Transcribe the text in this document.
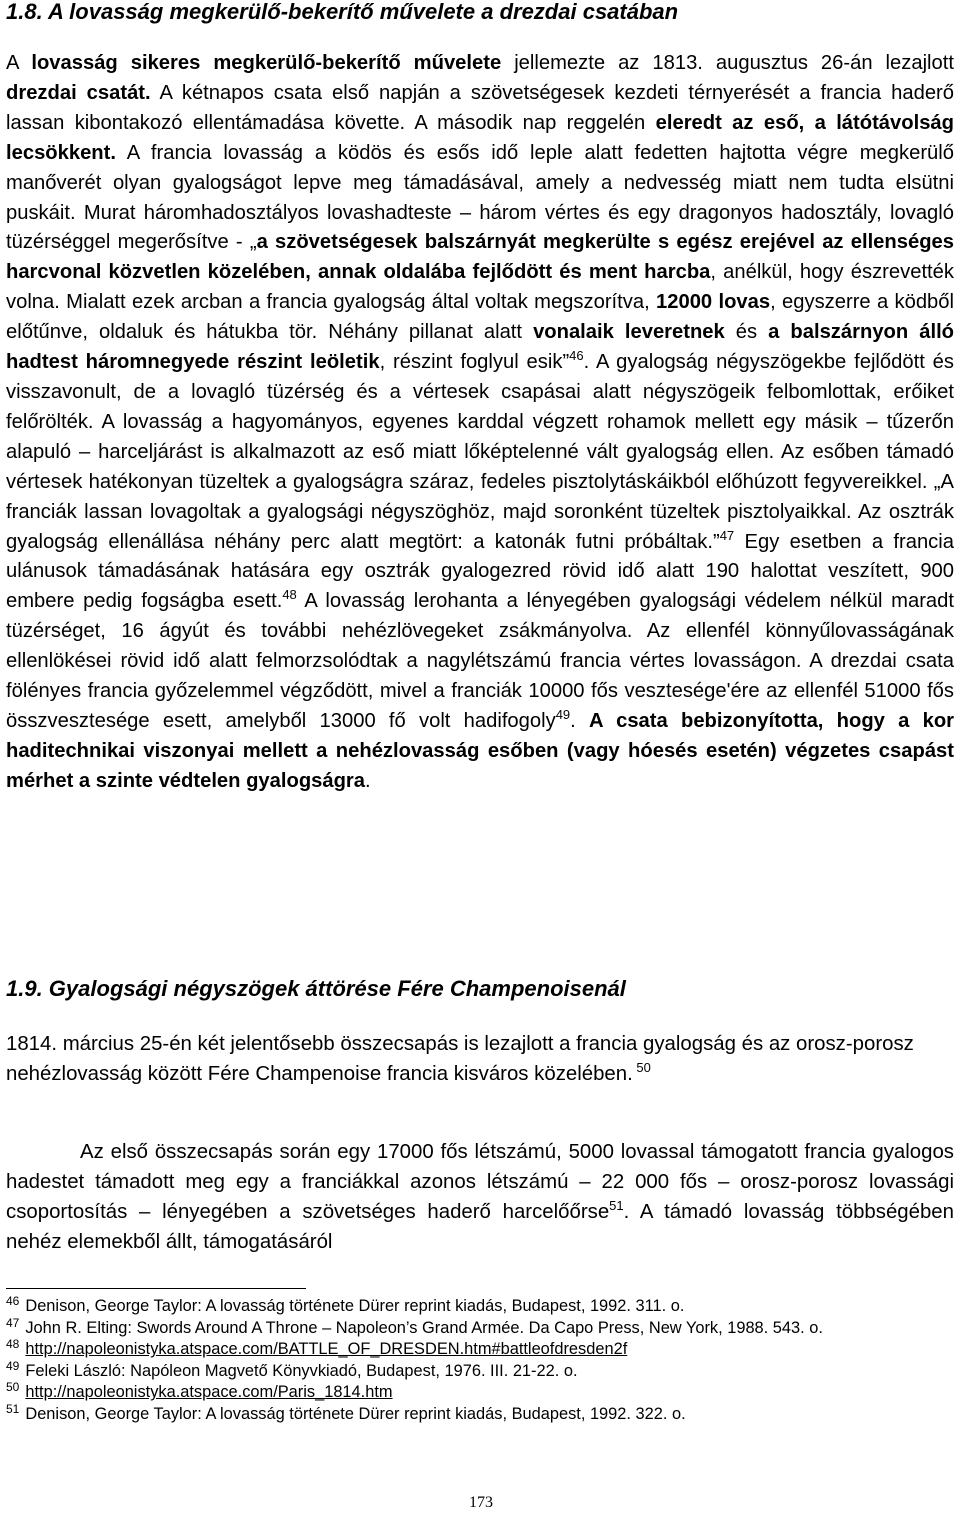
1.8. A lovasság megkerülő-bekerítő művelete a drezdai csatában

A lovasság sikeres megkerülő-bekerítő művelete jellemezte az 1813. augusztus 26-án lezajlott drezdai csatát. A kétnapos csata első napján a szövetségesek kezdeti térnyerését a francia haderő lassan kibontakozó ellentámadása követte. A második nap reggelén eleredt az eső, a látótávolság lecsökkent. A francia lovasság a ködös és esős idő leple alatt fedetten hajtotta végre megkerülő manőverét olyan gyalogságot lepve meg támadásával, amely a nedvesség miatt nem tudta elsütni puskáit. Murat háromhadosztályos lovashadteste – három vértes és egy dragonyos hadosztály, lovagló tüzérséggel megerősítve - „a szövetségesek balszárnyát megkerülte s egész erejével az ellenséges harcvonal közvetlen közelében, annak oldalába fejlődött és ment harcba, anélkül, hogy észrevették volna. Mialatt ezek arcban a francia gyalogság által voltak megszorítva, 12000 lovas, egyszerre a ködből előtűnve, oldaluk és hátukba tör. Néhány pillanat alatt vonalaik leveretnek és a balszárnyon álló hadtest háromnegyede részint leöletik, részint foglyul esik”$^{46}$. A gyalogság négyszögekbe fejlődött és visszavonult, de a lovagló tüzérség és a vértesek csapásai alatt négyszögeik felbomlottak, erőiket felőrölték. A lovasság a hagyományos, egyenes karddal végzett rohamok mellett egy másik – tűzerőn alapuló – harceljárást is alkalmazott az eső miatt lőképtelenné vált gyalogság ellen. Az esőben támadó vértesek hatékonyan tüzeltek a gyalogságra száraz, fedeles pisztolytáskáikból előhúzott fegyvereikkel. „A franciák lassan lovagoltak a gyalogsági négyszöghöz, majd soronként tüzeltek pisztolyaikkal. Az osztrák gyalogság ellenállása néhány perc alatt megtört: a katonák futni próbáltak.”$^{47}$ Egy esetben a francia ulánusok támadásának hatására egy osztrák gyalogezred rövid idő alatt 190 halottat veszített, 900 embere pedig fogságba esett.$^{48}$ A lovasság lerohanta a lényegében gyalogsági védelem nélkül maradt tüzérséget, 16 ágyút és további nehézlövegeket zsákmányolva. Az ellenfél könnyűlovasságának ellenlökései rövid idő alatt felmorzsolódtak a nagylétszámú francia vértes lovasságon. A drezdai csata fölényes francia győzelemmel végződött, mivel a franciák 10000 fős vesztesége'ére az ellenfél 51000 fős összvesztesége esett, amelyből 13000 fő volt hadifogoly$^{49}$. A csata bebizonyította, hogy a kor haditechnikai viszonyai mellett a nehézlovasság esőben (vagy hóesés esetén) végzetes csapást mérhet a szinte védtelen gyalogságra.

1.9. Gyalogsági négyszögek áttörése Fére Champenoisenál

1814. március 25-én két jelentősebb összecsapás is lezajlott a francia gyalogság és az orosz-porosz nehézlovasság között Fére Champenoise francia kisváros közelében. $^{50}$

Az első összecsapás során egy 17000 fős létszámú, 5000 lovassal támogatott francia gyalogos hadestet támadott meg egy a franciákkal azonos létszámú – 22 000 fős – orosz-porosz lovassági csoportosítás – lényegében a szövetséges haderő harcelőőrse$^{51}$. A támadó lovasság többségében nehéz elemekből állt, támogatásáról

$^{46}$ Denison, George Taylor: A lovasság története Dürer reprint kiadás, Budapest, 1992. 311. o.
$^{47}$ John R. Elting: Swords Around A Throne – Napoleon’s Grand Armée. Da Capo Press, New York, 1988. 543. o.
$^{48}$ http://napoleonistyka.atspace.com/BATTLE_OF_DRESDEN.htm#battleofdresden2f
$^{49}$ Feleki László: Napóleon Magvető Könyvkiadó, Budapest, 1976. III. 21-22. o.
$^{50}$ http://napoleonistyka.atspace.com/Paris_1814.htm
$^{51}$ Denison, George Taylor: A lovasság története Dürer reprint kiadás, Budapest, 1992. 322. o.
173
